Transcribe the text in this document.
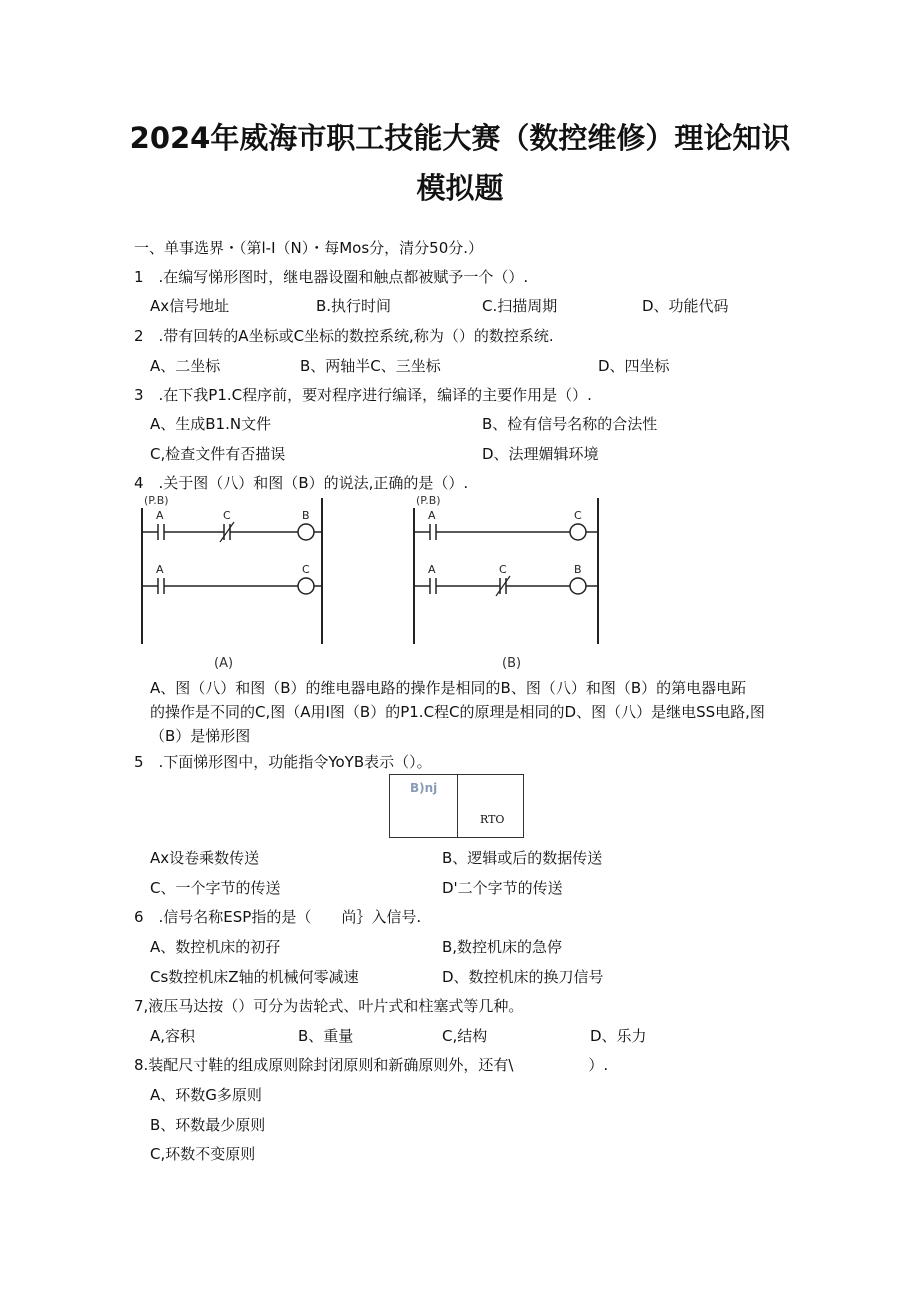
2024年威海市职工技能大赛（数控维修）理论知识
模拟题
一、单事选界・（第l-I（N）・每Mos分，清分50分.）
1　.在编写悌形图时，继电器设圈和触点都被赋予一个（）.
Ax信号地址	B.执行时间	C.扫描周期	D、功能代码
2　.带有回转的A坐标或C坐标的数控系统,称为（）的数控系统.
A、二坐标	B、两轴半C、三坐标	D、四坐标
3　.在下我P1.C程序前，要对程序进行编译，编译的主要作用是（）.
A、生成B1.N文件	B、检有信号名称的合法性
C,检查文件有否描误	D、法理媚辑环境
4　.关于图（八）和图（B）的说法,正确的是（）.
(P.B)
A	C	B
A	C
(A)
(P.B)
A	C
A	C	B
(B)
A、图（八）和图（B）的维电器电路的操作是相同的B、图（八）和图（B）的第电器电跖
的操作是不同的C,图（A用I图（B）的P1.C程C的原理是相同的D、图（八）是继电SS电路,图
（B）是悌形图
5　.下面悌形图中，功能指令YoYB表示（）。
B)nj
RTO
Ax设卷乘数传送	B、逻辑或后的数据传送
C、一个字节的传送	D'二个字节的传送
6　.信号名称ESP指的是（　　尚｝入信号.
A、数控机床的初孖	B,数控机床的急停
Cs数控机床Z轴的机械何零减速	D、数控机床的换刀信号
7,液压马达按（）可分为齿轮式、叶片式和柱塞式等几种。
A,容积	B、重量	C,结构	D、乐力
8.装配尺寸鞋的组成原则除封闭原则和新确原则外，还有\　　　　　）.
A、环数G多原则
B、环数最少原则
C,环数不变原则
